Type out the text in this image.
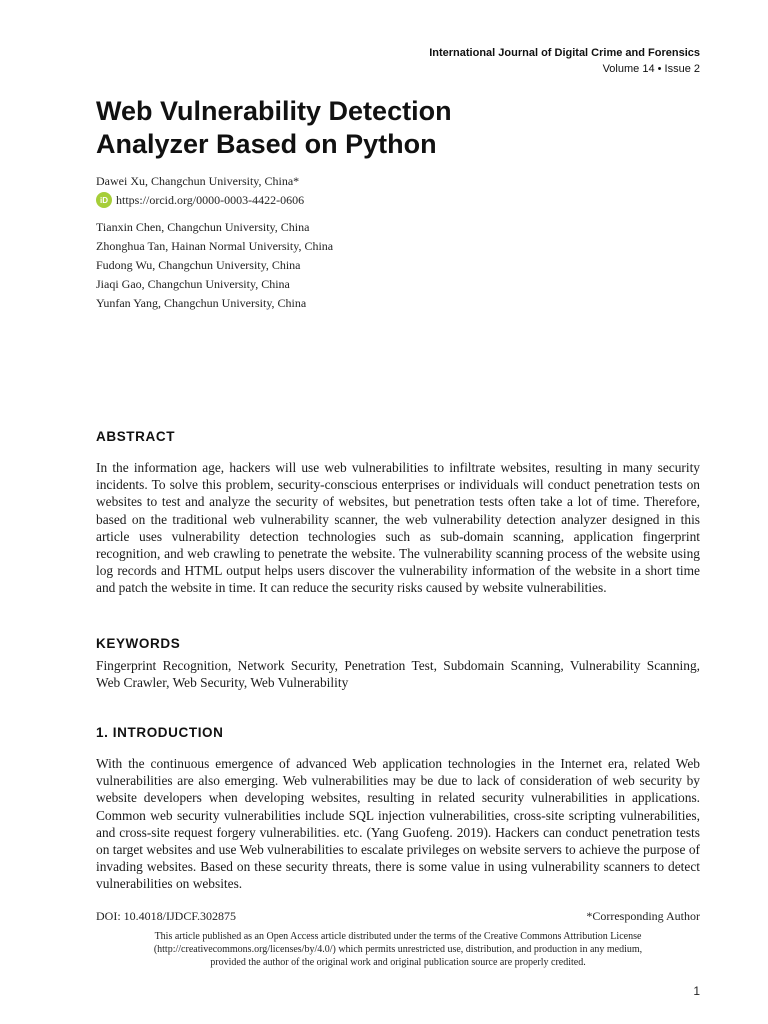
International Journal of Digital Crime and Forensics
Volume 14 • Issue 2
Web Vulnerability Detection
Analyzer Based on Python
Dawei Xu, Changchun University, China*
iD https://orcid.org/0000-0003-4422-0606
Tianxin Chen, Changchun University, China
Zhonghua Tan, Hainan Normal University, China
Fudong Wu, Changchun University, China
Jiaqi Gao, Changchun University, China
Yunfan Yang, Changchun University, China
ABSTRACT
In the information age, hackers will use web vulnerabilities to infiltrate websites, resulting in many security incidents. To solve this problem, security-conscious enterprises or individuals will conduct penetration tests on websites to test and analyze the security of websites, but penetration tests often take a lot of time. Therefore, based on the traditional web vulnerability scanner, the web vulnerability detection analyzer designed in this article uses vulnerability detection technologies such as sub-domain scanning, application fingerprint recognition, and web crawling to penetrate the website. The vulnerability scanning process of the website using log records and HTML output helps users discover the vulnerability information of the website in a short time and patch the website in time. It can reduce the security risks caused by website vulnerabilities.
KEYWORDS
Fingerprint Recognition, Network Security, Penetration Test, Subdomain Scanning, Vulnerability Scanning, Web Crawler, Web Security, Web Vulnerability
1. INTRODUCTION
With the continuous emergence of advanced Web application technologies in the Internet era, related Web vulnerabilities are also emerging. Web vulnerabilities may be due to lack of consideration of web security by website developers when developing websites, resulting in related security vulnerabilities in applications. Common web security vulnerabilities include SQL injection vulnerabilities, cross-site scripting vulnerabilities, and cross-site request forgery vulnerabilities. etc. (Yang Guofeng. 2019). Hackers can conduct penetration tests on target websites and use Web vulnerabilities to escalate privileges on website servers to achieve the purpose of invading websites. Based on these security threats, there is some value in using vulnerability scanners to detect vulnerabilities on websites.
DOI: 10.4018/IJDCF.302875	*Corresponding Author
This article published as an Open Access article distributed under the terms of the Creative Commons Attribution License
(http://creativecommons.org/licenses/by/4.0/) which permits unrestricted use, distribution, and production in any medium,
provided the author of the original work and original publication source are properly credited.
1
